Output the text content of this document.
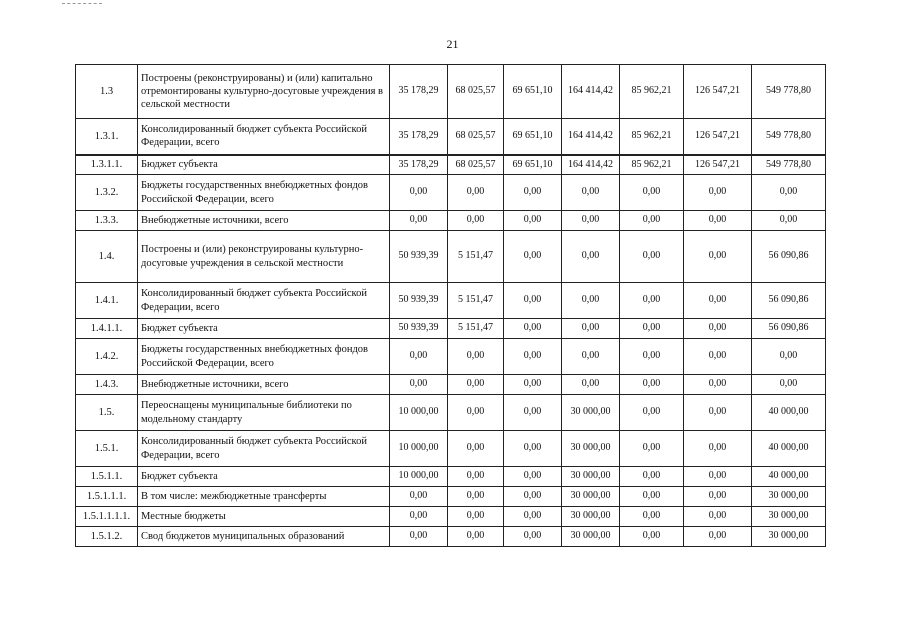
21
1.3	Построены (реконструированы) и (или) капитально отремонтированы культурно-досуговые учреждения в сельской местности	35 178,29	68 025,57	69 651,10	164 414,42	85 962,21	126 547,21	549 778,80
1.3.1.	Консолидированный бюджет субъекта Российской Федерации, всего	35 178,29	68 025,57	69 651,10	164 414,42	85 962,21	126 547,21	549 778,80
1.3.1.1.	Бюджет субъекта	35 178,29	68 025,57	69 651,10	164 414,42	85 962,21	126 547,21	549 778,80
1.3.2.	Бюджеты государственных внебюджетных фондов Российской Федерации, всего	0,00	0,00	0,00	0,00	0,00	0,00	0,00
1.3.3.	Внебюджетные источники, всего	0,00	0,00	0,00	0,00	0,00	0,00	0,00
1.4.	Построены и (или) реконструированы культурно-досуговые учреждения в сельской местности	50 939,39	5 151,47	0,00	0,00	0,00	0,00	56 090,86
1.4.1.	Консолидированный бюджет субъекта Российской Федерации, всего	50 939,39	5 151,47	0,00	0,00	0,00	0,00	56 090,86
1.4.1.1.	Бюджет субъекта	50 939,39	5 151,47	0,00	0,00	0,00	0,00	56 090,86
1.4.2.	Бюджеты государственных внебюджетных фондов Российской Федерации, всего	0,00	0,00	0,00	0,00	0,00	0,00	0,00
1.4.3.	Внебюджетные источники, всего	0,00	0,00	0,00	0,00	0,00	0,00	0,00
1.5.	Переоснащены муниципальные библиотеки по модельному стандарту	10 000,00	0,00	0,00	30 000,00	0,00	0,00	40 000,00
1.5.1.	Консолидированный бюджет субъекта Российской Федерации, всего	10 000,00	0,00	0,00	30 000,00	0,00	0,00	40 000,00
1.5.1.1.	Бюджет субъекта	10 000,00	0,00	0,00	30 000,00	0,00	0,00	40 000,00
1.5.1.1.1.	В том числе: межбюджетные трансферты	0,00	0,00	0,00	30 000,00	0,00	0,00	30 000,00
1.5.1.1.1.1.	Местные бюджеты	0,00	0,00	0,00	30 000,00	0,00	0,00	30 000,00
1.5.1.2.	Свод бюджетов муниципальных образований	0,00	0,00	0,00	30 000,00	0,00	0,00	30 000,00
